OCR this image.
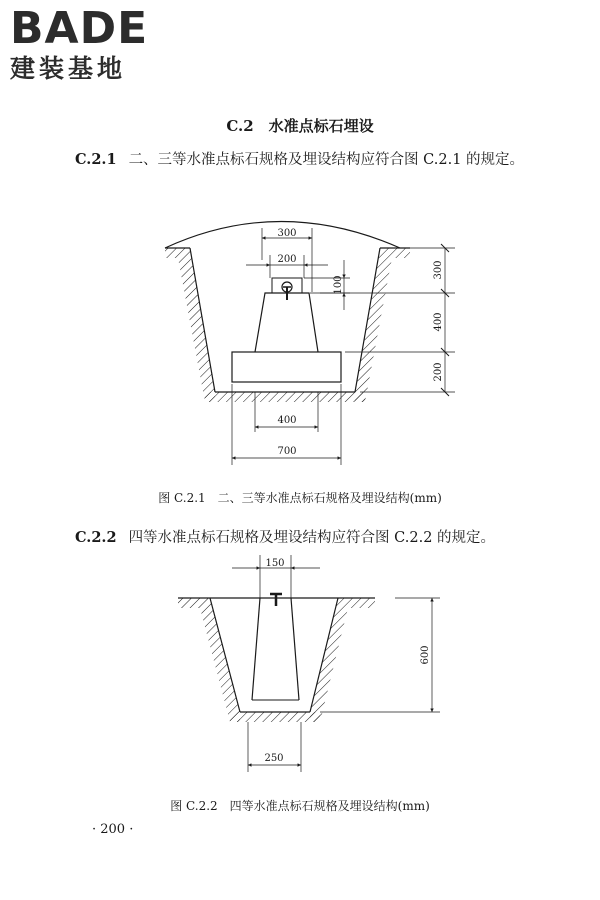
BADE
建装基地
C.2　水准点标石埋设
C.2.1 二、三等水准点标石规格及埋设结构应符合图 C.2.1 的规定。
300
200
100
300
400
200
400
700
150
600
250
图 C.2.1　二、三等水准点标石规格及埋设结构(mm)
C.2.2 四等水准点标石规格及埋设结构应符合图 C.2.2 的规定。
图 C.2.2　四等水准点标石规格及埋设结构(mm)
· 200 ·
